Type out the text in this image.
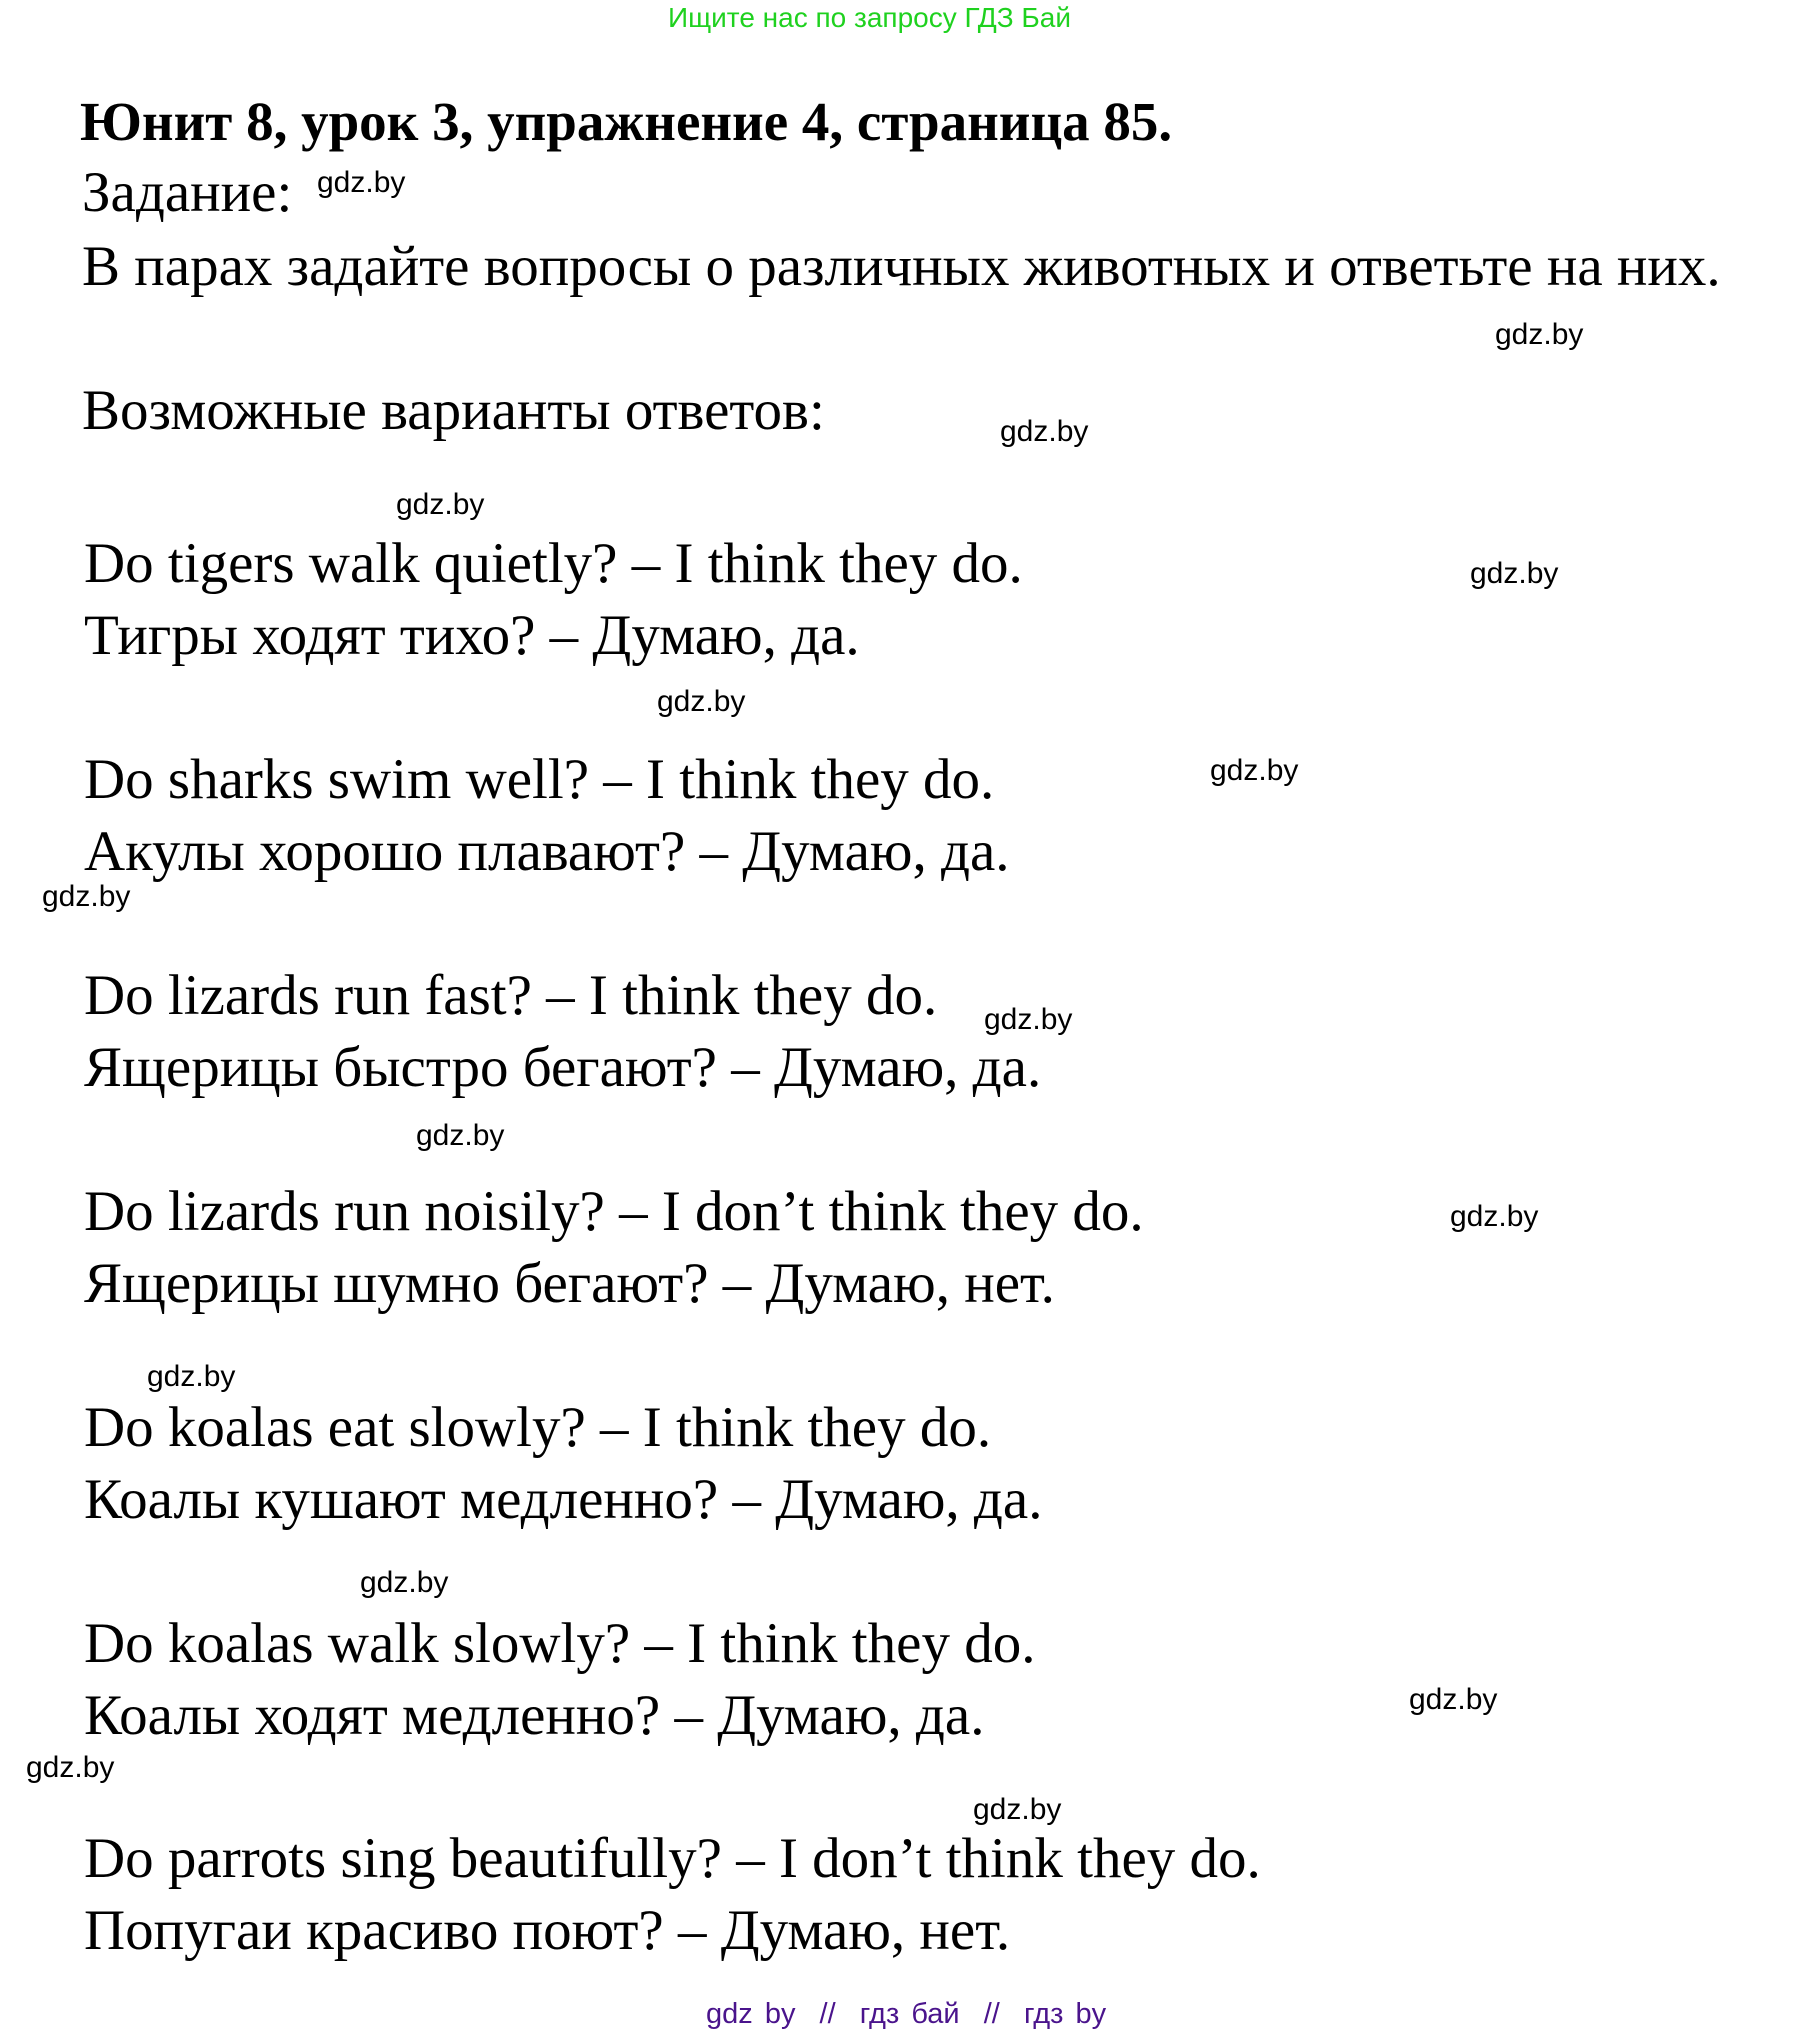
Ищите нас по запросу ГДЗ Бай
Юнит 8, урок 3, упражнение 4, страница 85.
Задание:
В парах задайте вопросы о различных животных и ответьте на них.
Возможные варианты ответов:
Do tigers walk quietly? – I think they do.
Тигры ходят тихо? – Думаю, да.
Do sharks swim well? – I think they do.
Акулы хорошо плавают? – Думаю, да.
Do lizards run fast? – I think they do.
Ящерицы быстро бегают? – Думаю, да.
Do lizards run noisily? – I don’t think they do.
Ящерицы шумно бегают? – Думаю, нет.
Do koalas eat slowly? – I think they do.
Коалы кушают медленно? – Думаю, да.
Do koalas walk slowly? – I think they do.
Коалы ходят медленно? – Думаю, да.
Do parrots sing beautifully? – I don’t think they do.
Попугаи красиво поют? – Думаю, нет.
gdz.by
gdz.by
gdz.by
gdz.by
gdz.by
gdz.by
gdz.by
gdz.by
gdz.by
gdz.by
gdz.by
gdz.by
gdz.by
gdz.by
gdz.by
gdz.by
gdz by  //  гдз бай  //  гдз by
